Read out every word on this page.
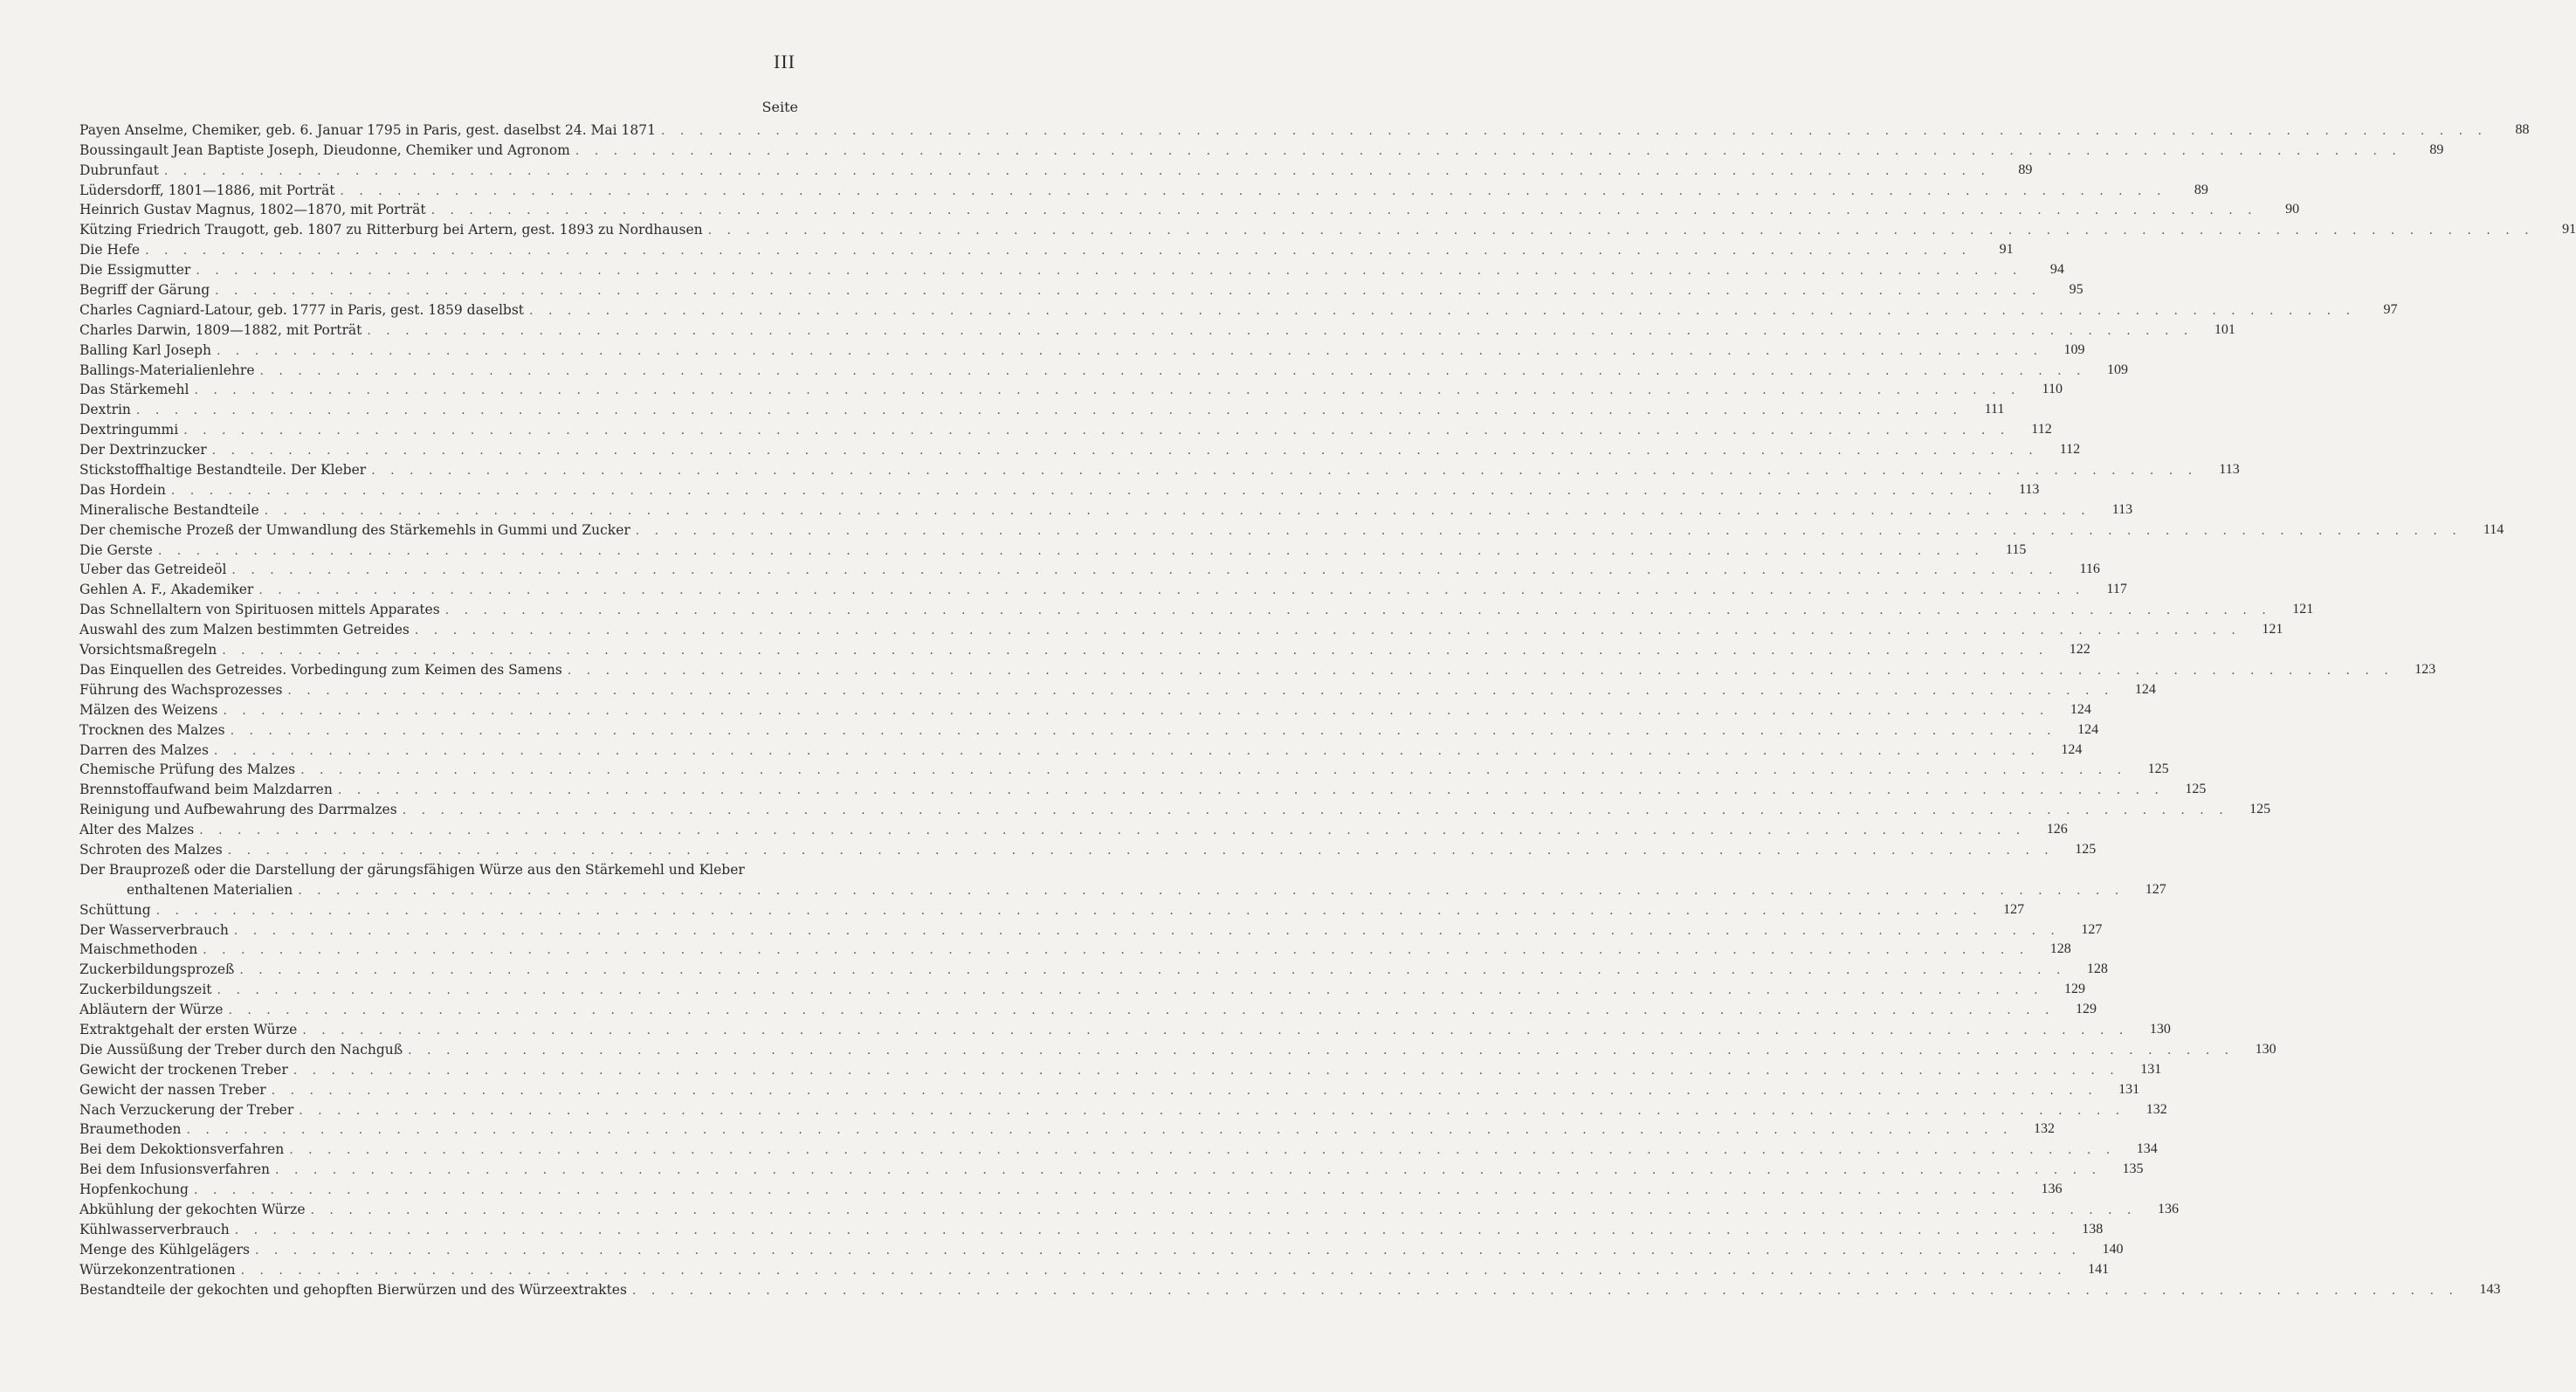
III
Seite
Payen Anselme, Chemiker, geb. 6. Januar 1795 in Paris, gest. daselbst 24. Mai 1871 . . .	88
Boussingault Jean Baptiste Joseph, Dieudonne, Chemiker und Agronom . . .	89
Dubrunfaut . . .	89
Lüdersdorff, 1801—1886, mit Porträt . . .	89
Heinrich Gustav Magnus, 1802—1870, mit Porträt . . .	90
Kützing Friedrich Traugott, geb. 1807 zu Ritterburg bei Artern, gest. 1893 zu Nordhausen . . .	91
Die Hefe . . .	91
Die Essigmutter . . .	94
Begriff der Gärung . . .	95
Charles Cagniard-Latour, geb. 1777 in Paris, gest. 1859 daselbst . . .	97
Charles Darwin, 1809—1882, mit Porträt . . .	101
Balling Karl Joseph . . .	109
Ballings-Materialienlehre . . .	109
Das Stärkemehl . . .	110
Dextrin . . .	111
Dextringummi . . .	112
Der Dextrinzucker . . .	112
Stickstoffhaltige Bestandteile. Der Kleber . . .	113
Das Hordein . . .	113
Mineralische Bestandteile . . .	113
Der chemische Prozeß der Umwandlung des Stärkemehls in Gummi und Zucker . . .	114
Die Gerste . . .	115
Ueber das Getreideöl . . .	116
Gehlen A. F., Akademiker . . .	117
Das Schnellaltern von Spirituosen mittels Apparates . . .	121
Auswahl des zum Malzen bestimmten Getreides . . .	121
Vorsichtsmaßregeln . . .	122
Das Einquellen des Getreides. Vorbedingung zum Keimen des Samens . . .	123
Führung des Wachsprozesses . . .	124
Mälzen des Weizens . . .	124
Trocknen des Malzes . . .	124
Darren des Malzes . . .	124
Chemische Prüfung des Malzes . . .	125
Brennstoffaufwand beim Malzdarren . . .	125
Reinigung und Aufbewahrung des Darrmalzes . . .	125
Alter des Malzes . . .	126
Schroten des Malzes . . .	125
Der Brauprozeß oder die Darstellung der gärungsfähigen Würze aus den Stärkemehl und Kleber
enthaltenen Materialien . . .	127
Schüttung . . .	127
Der Wasserverbrauch . . .	127
Maischmethoden . . .	128
Zuckerbildungsprozeß . . .	128
Zuckerbildungszeit . . .	129
Abläutern der Würze . . .	129
Extraktgehalt der ersten Würze . . .	130
Die Aussüßung der Treber durch den Nachguß . . .	130
Gewicht der trockenen Treber . . .	131
Gewicht der nassen Treber . . .	131
Nach Verzuckerung der Treber . . .	132
Braumethoden . . .	132
Bei dem Dekoktionsverfahren . . .	134
Bei dem Infusionsverfahren . . .	135
Hopfenkochung . . .	136
Abkühlung der gekochten Würze . . .	136
Kühlwasserverbrauch . . .	138
Menge des Kühlgelägers . . .	140
Würzekonzentrationen . . .	141
Bestandteile der gekochten und gehopften Bierwürzen und des Würzeextraktes . . .	143
